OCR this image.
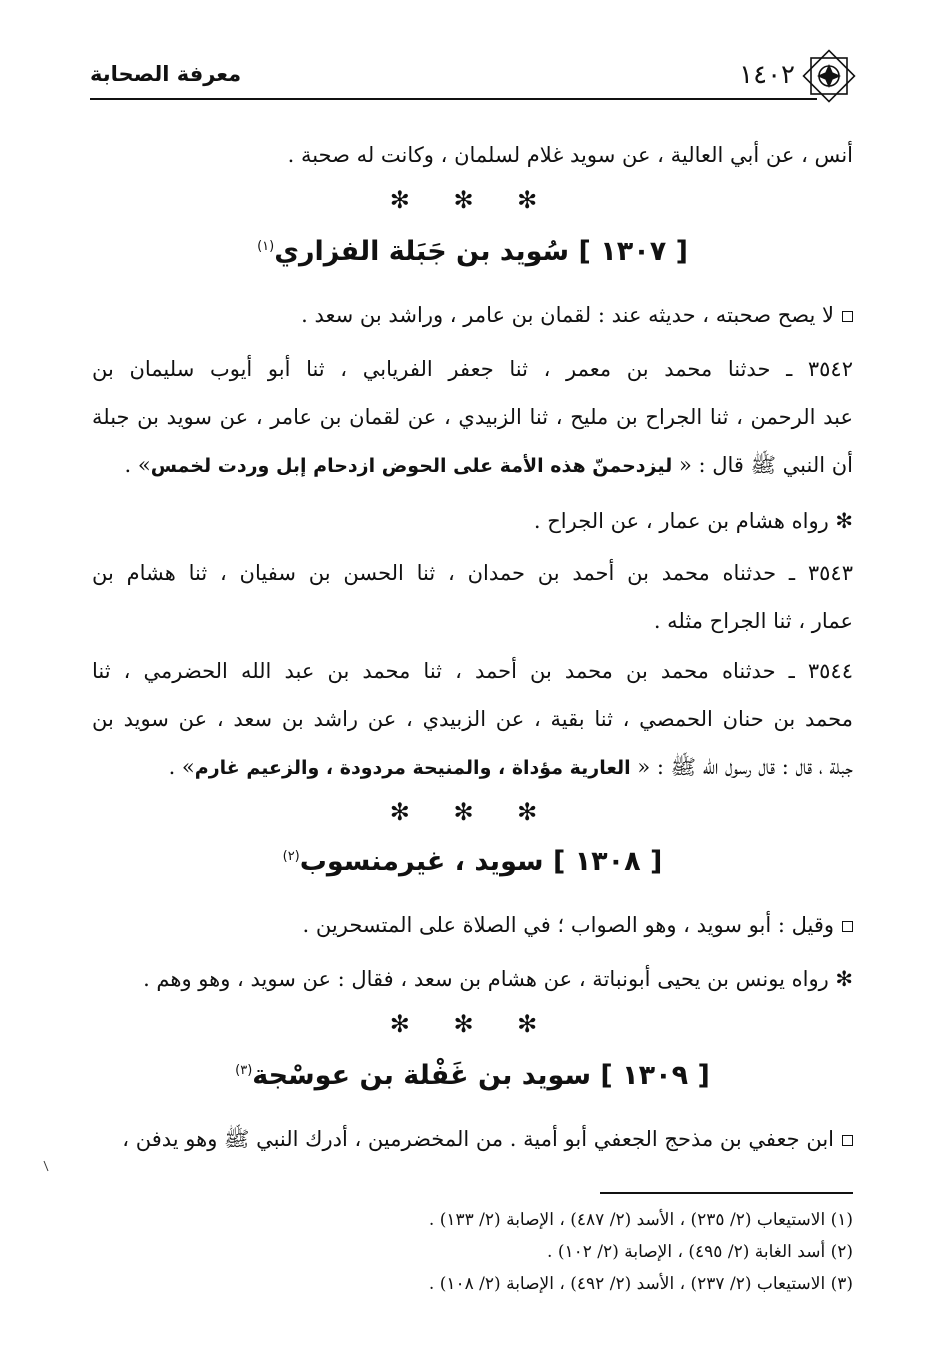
معرفة الصحابة	١٤٠٢
أنس ، عن أبي العالية ، عن سويد غلام لسلمان ، وكانت له صحبة .
✻ ✻ ✻
[ ١٣٠٧ ] سُويد بن جَبَلة الفزاري$^{(١)}$
لا يصح صحبته ، حديثه عند : لقمان بن عامر ، وراشد بن سعد .
٣٥٤٢ ـ حدثنا محمد بن معمر ، ثنا جعفر الفريابي ، ثنا أبو أيوب سليمان بن
عبد الرحمن ، ثنا الجراح بن مليح ، ثنا الزبيدي ، عن لقمان بن عامر ، عن سويد بن جبلة
أن النبي ﷺ قال : « ليزدحمنّ هذه الأمة على الحوض ازدحام إبل وردت لخمس» .
✻ رواه هشام بن عمار ، عن الجراح .
٣٥٤٣ ـ حدثناه محمد بن أحمد بن حمدان ، ثنا الحسن بن سفيان ، ثنا هشام بن
عمار ، ثنا الجراح مثله .
٣٥٤٤ ـ حدثناه محمد بن محمد بن أحمد ، ثنا محمد بن عبد الله الحضرمي ، ثنا
محمد بن حنان الحمصي ، ثنا بقية ، عن الزبيدي ، عن راشد بن سعد ، عن سويد بن
جبلة ، قال : قال رسول الله ﷺ : « العارية مؤداة ، والمنيحة مردودة ، والزعيم غارم» .
✻ ✻ ✻
[ ١٣٠٨ ] سويد ، غيرمنسوب$^{(٢)}$
وقيل : أبو سويد ، وهو الصواب ؛ في الصلاة على المتسحرين .
✻ رواه يونس بن يحيى أبونباتة ، عن هشام بن سعد ، فقال : عن سويد ، وهو وهم .
✻ ✻ ✻
[ ١٣٠٩ ] سويد بن غَفْلة بن عوسْجة$^{(٣)}$
ابن جعفي بن مذحج الجعفي أبو أمية . من المخضرمين ، أدرك النبي ﷺ وهو يدفن ،
(١) الاستيعاب (٢/ ٢٣٥) ، الأسد (٢/ ٤٨٧) ، الإصابة (٢/ ١٣٣) .
(٢) أسد الغابة (٢/ ٤٩٥) ، الإصابة (٢/ ١٠٢) .
(٣) الاستيعاب (٢/ ٢٣٧) ، الأسد (٢/ ٤٩٢) ، الإصابة (٢/ ١٠٨) .
